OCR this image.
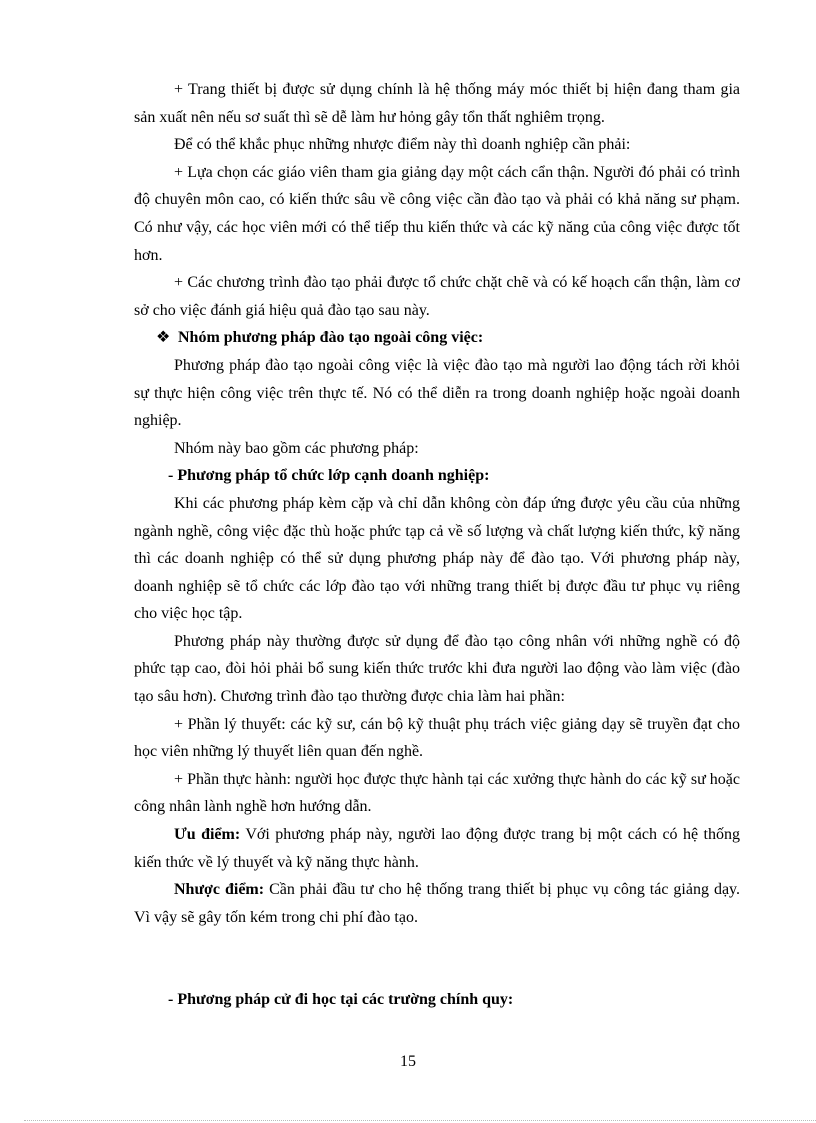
+ Trang thiết bị được sử dụng chính là hệ thống máy móc thiết bị hiện đang tham gia sản xuất nên nếu sơ suất thì sẽ dễ làm hư hỏng gây tổn thất nghiêm trọng.

Để có thể khắc phục những nhược điểm này thì doanh nghiệp cần phải:

+ Lựa chọn các giáo viên tham gia giảng dạy một cách cẩn thận. Người đó phải có trình độ chuyên môn cao, có kiến thức sâu về công việc cần đào tạo và phải có khả năng sư phạm. Có như vậy, các học viên mới có thể tiếp thu kiến thức và các kỹ năng của công việc được tốt hơn.

+ Các chương trình đào tạo phải được tổ chức chặt chẽ và có kế hoạch cẩn thận, làm cơ sở cho việc đánh giá hiệu quả đào tạo sau này.

❖ Nhóm phương pháp đào tạo ngoài công việc:

Phương pháp đào tạo ngoài công việc là việc đào tạo mà người lao động tách rời khỏi sự thực hiện công việc trên thực tế. Nó có thể diễn ra trong doanh nghiệp hoặc ngoài doanh nghiệp.

Nhóm này bao gồm các phương pháp:

- Phương pháp tổ chức lớp cạnh doanh nghiệp:

Khi các phương pháp kèm cặp và chỉ dẫn không còn đáp ứng được yêu cầu của những ngành nghề, công việc đặc thù hoặc phức tạp cả về số lượng và chất lượng kiến thức, kỹ năng thì các doanh nghiệp có thể sử dụng phương pháp này để đào tạo. Với phương pháp này, doanh nghiệp sẽ tổ chức các lớp đào tạo với những trang thiết bị được đầu tư phục vụ riêng cho việc học tập.

Phương pháp này thường được sử dụng để đào tạo công nhân với những nghề có độ phức tạp cao, đòi hỏi phải bổ sung kiến thức trước khi đưa người lao động vào làm việc (đào tạo sâu hơn). Chương trình đào tạo thường được chia làm hai phần:

+ Phần lý thuyết: các kỹ sư, cán bộ kỹ thuật phụ trách việc giảng dạy sẽ truyền đạt cho học viên những lý thuyết liên quan đến nghề.

+ Phần thực hành: người học được thực hành tại các xưởng thực hành do các kỹ sư hoặc công nhân lành nghề hơn hướng dẫn.

Ưu điểm: Với phương pháp này, người lao động được trang bị một cách có hệ thống kiến thức về lý thuyết và kỹ năng thực hành.

Nhược điểm: Cần phải đầu tư cho hệ thống trang thiết bị phục vụ công tác giảng dạy. Vì vậy sẽ gây tốn kém trong chi phí đào tạo.

- Phương pháp cử đi học tại các trường chính quy:

15
